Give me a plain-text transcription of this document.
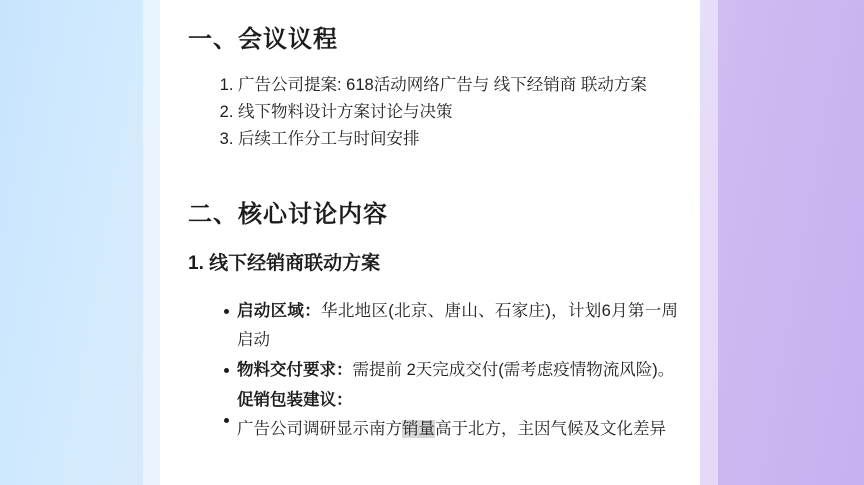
一、会议议程
1. 广告公司提案: 618活动网络广告与 线下经销商 联动方案
2. 线下物料设计方案讨论与决策
3. 后续工作分工与时间安排
二、核心讨论内容
1. 线下经销商联动方案
启动区域：华北地区(北京、唐山、石家庄)，计划6月第一周启动
物料交付要求：需提前 2天完成交付(需考虑疫情物流风险)。
促销包装建议：
广告公司调研显示南方销量高于北方，主因气候及文化差异
